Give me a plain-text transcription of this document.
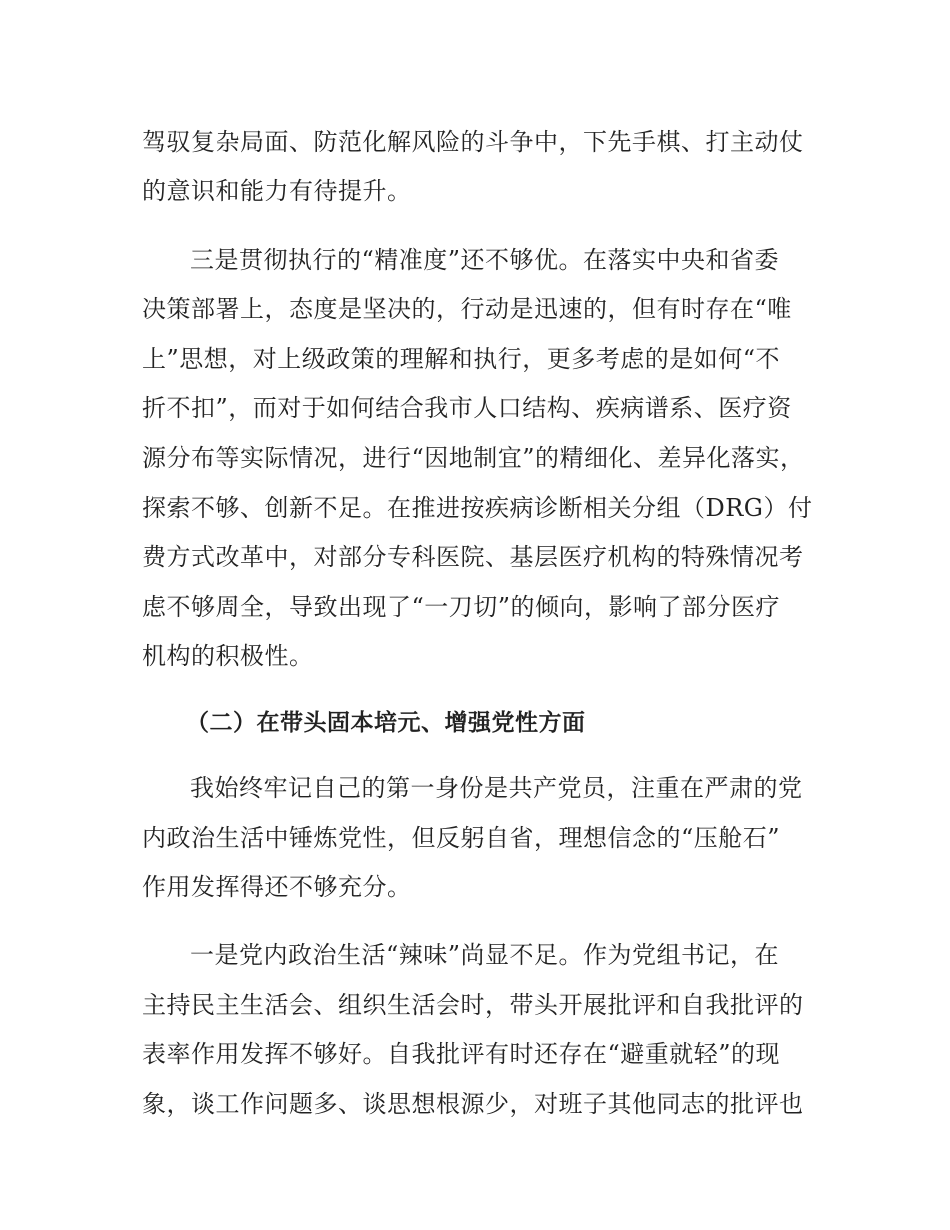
驾驭复杂局面、防范化解风险的斗争中，下先手棋、打主动仗
的意识和能力有待提升。
三是贯彻执行的“精准度”还不够优。在落实中央和省委
决策部署上，态度是坚决的，行动是迅速的，但有时存在“唯
上”思想，对上级政策的理解和执行，更多考虑的是如何“不
折不扣”，而对于如何结合我市人口结构、疾病谱系、医疗资
源分布等实际情况，进行“因地制宜”的精细化、差异化落实，
探索不够、创新不足。在推进按疾病诊断相关分组（DRG）付
费方式改革中，对部分专科医院、基层医疗机构的特殊情况考
虑不够周全，导致出现了“一刀切”的倾向，影响了部分医疗
机构的积极性。
（二）在带头固本培元、增强党性方面
我始终牢记自己的第一身份是共产党员，注重在严肃的党
内政治生活中锤炼党性，但反躬自省，理想信念的“压舱石”
作用发挥得还不够充分。
一是党内政治生活“辣味”尚显不足。作为党组书记，在
主持民主生活会、组织生活会时，带头开展批评和自我批评的
表率作用发挥不够好。自我批评有时还存在“避重就轻”的现
象，谈工作问题多、谈思想根源少，对班子其他同志的批评也
